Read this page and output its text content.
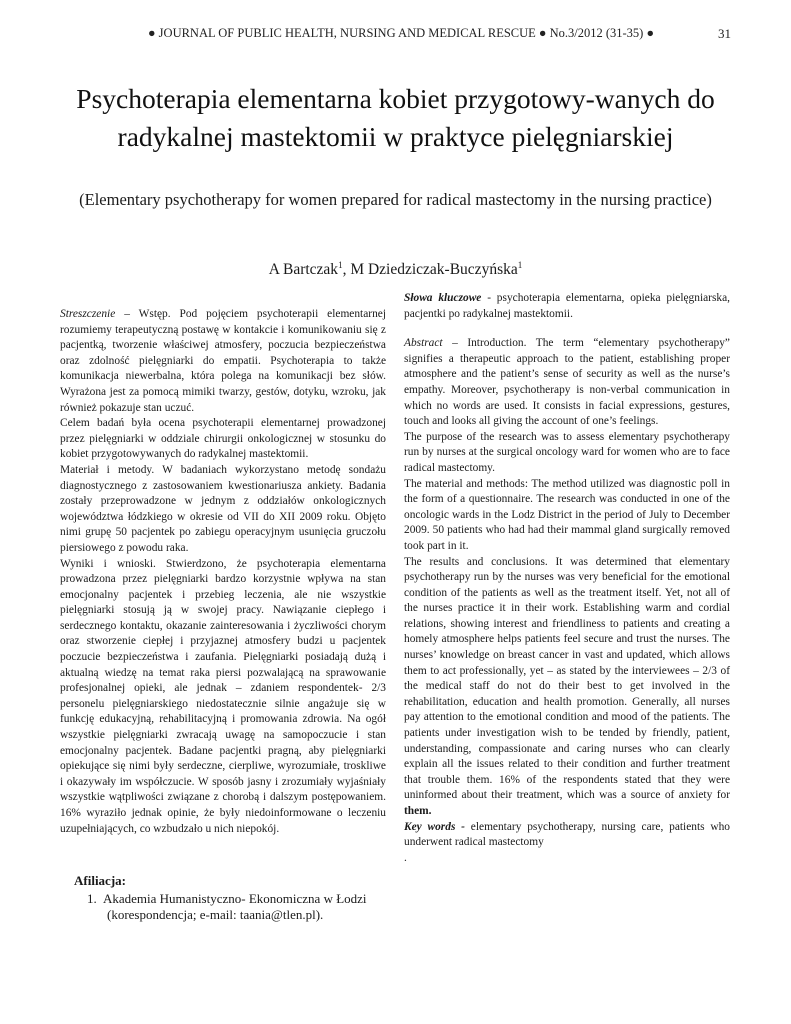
● JOURNAL OF PUBLIC HEALTH, NURSING AND MEDICAL RESCUE ● No.3/2012 (31-35) ●	31
Psychoterapia elementarna kobiet przygotowy-wanych do radykalnej mastektomii w praktyce pielęgniarskiej

(Elementary psychotherapy for women prepared for radical mastectomy in the nursing practice)

A Bartczak$^1$, M Dziedziczak-Buczyńska$^1$

Streszczenie – Wstęp. Pod pojęciem psychoterapii elementarnej rozumiemy terapeutyczną postawę w kontakcie i komunikowaniu się z pacjentką, tworzenie właściwej atmosfery, poczucia bezpieczeństwa oraz zdolność pielęgniarki do empatii. Psychoterapia to także komunikacja niewerbalna, która polega na komunikacji bez słów. Wyrażona jest za pomocą mimiki twarzy, gestów, dotyku, wzroku, jak również pokazuje stan uczuć.

Celem badań była ocena psychoterapii elementarnej prowadzonej przez pielęgniarki w oddziale chirurgii onkologicznej w stosunku do kobiet przygotowywanych do radykalnej mastektomii.

Materiał i metody. W badaniach wykorzystano metodę sondażu diagnostycznego z zastosowaniem kwestionariusza ankiety. Badania zostały przeprowadzone w jednym z oddziałów onkologicznych województwa łódzkiego w okresie od VII do XII 2009 roku. Objęto nimi grupę 50 pacjentek po zabiegu operacyjnym usunięcia gruczołu piersiowego z powodu raka.

Wyniki i wnioski. Stwierdzono, że psychoterapia elementarna prowadzona przez pielęgniarki bardzo korzystnie wpływa na stan emocjonalny pacjentek i przebieg leczenia, ale nie wszystkie pielęgniarki stosują ją w swojej pracy. Nawiązanie ciepłego i serdecznego kontaktu, okazanie zainteresowania i życzliwości chorym oraz stworzenie ciepłej i przyjaznej atmosfery budzi u pacjentek poczucie bezpieczeństwa i zaufania. Pielęgniarki posiadają dużą i aktualną wiedzę na temat raka piersi pozwalającą na sprawowanie profesjonalnej opieki, ale jednak – zdaniem respondentek- 2/3 personelu pielęgniarskiego niedostatecznie silnie angażuje się w funkcję edukacyjną, rehabilitacyjną i promowania zdrowia. Na ogół wszystkie pielęgniarki zwracają uwagę na samopoczucie i stan emocjonalny pacjentek. Badane pacjentki pragną, aby pielęgniarki opiekujące się nimi były serdeczne, cierpliwe, wyrozumiałe, troskliwe i okazywały im współczucie. W sposób jasny i zrozumiały wyjaśniały wszystkie wątpliwości związane z chorobą i dalszym postępowaniem. 16% wyraziło jednak opinie, że były niedoinformowane o leczeniu uzupełniających, co wzbudzało u nich niepokój.

Słowa kluczowe - psychoterapia elementarna, opieka pielęgniarska, pacjentki po radykalnej mastektomii.

Abstract – Introduction. The term “elementary psychotherapy” signifies a therapeutic approach to the patient, establishing proper atmosphere and the patient’s sense of security as well as the nurse’s empathy. Moreover, psychotherapy is non-verbal communication in which no words are used. It consists in facial expressions, gestures, touch and looks all giving the account of one’s feelings.

The purpose of the research was to assess elementary psychotherapy run by nurses at the surgical oncology ward for women who are to face radical mastectomy.

The material and methods: The method utilized was diagnostic poll in the form of a questionnaire. The research was conducted in one of the oncologic wards in the Lodz District in the period of July to December 2009. 50 patients who had had their mammal gland surgically removed took part in it.

The results and conclusions. It was determined that elementary psychotherapy run by the nurses was very beneficial for the emotional condition of the patients as well as the treatment itself. Yet, not all of the nurses practice it in their work. Establishing warm and cordial relations, showing interest and friendliness to patients and creating a homely atmosphere helps patients feel secure and trust the nurses. The nurses’ knowledge on breast cancer in vast and updated, which allows them to act professionally, yet – as stated by the interviewees – 2/3 of the medical staff do not do their best to get involved in the rehabilitation, education and health promotion. Generally, all nurses pay attention to the emotional condition and mood of the patients. The patients under investigation wish to be tended by friendly, patient, understanding, compassionate and caring nurses who can clearly explain all the issues related to their condition and further treatment that trouble them. 16% of the respondents stated that they were uninformed about their treatment, which was a source of anxiety for them.

Key words - elementary psychotherapy, nursing care, patients who underwent radical mastectomy

.

Afiliacja:
1. Akademia Humanistyczno- Ekonomiczna w Łodzi
(korespondencja; e-mail: taania@tlen.pl).
